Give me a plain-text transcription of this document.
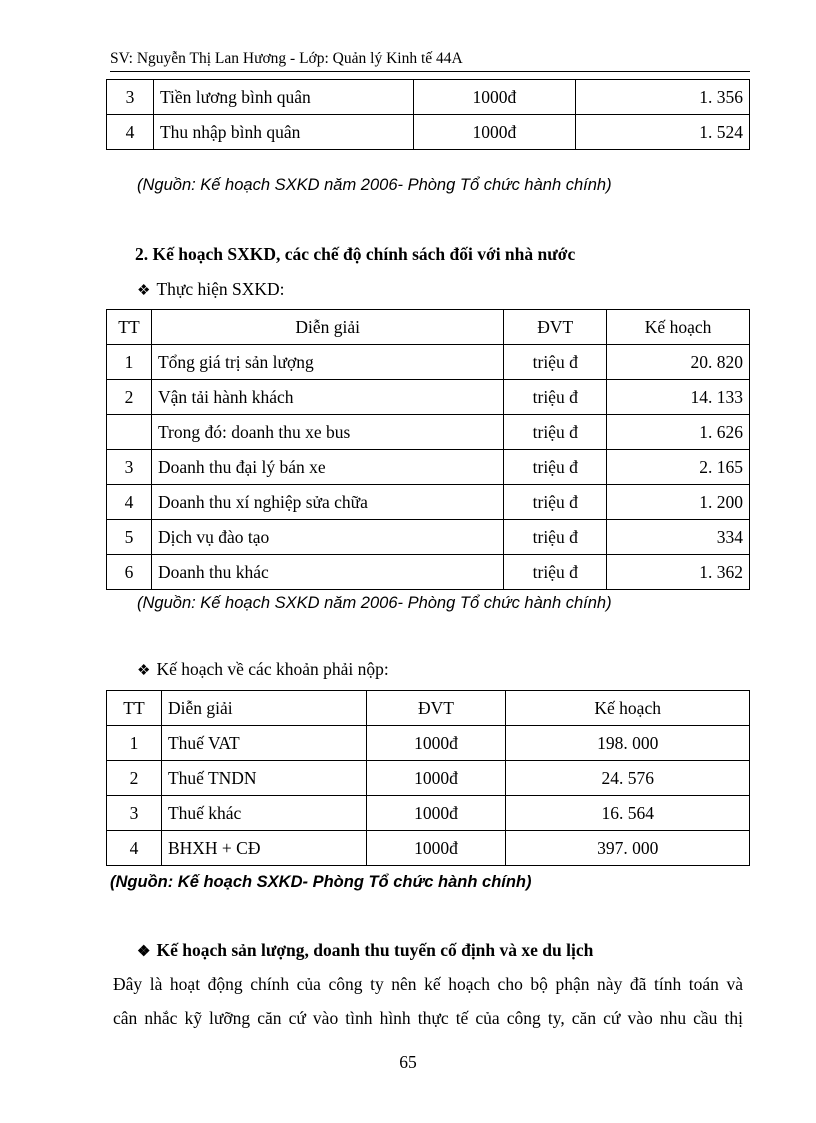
SV: Nguyễn Thị Lan Hương - Lớp: Quản lý Kinh tế 44A
3	Tiền lương bình quân	1000đ	1. 356
4	Thu nhập bình quân	1000đ	1. 524
(Nguồn: Kế hoạch SXKD năm 2006- Phòng Tổ chức hành chính)
2. Kế hoạch SXKD, các chế độ chính sách đối với nhà nước
❖ Thực hiện SXKD:
TT	Diễn giải	ĐVT	Kế hoạch
1	Tổng giá trị sản lượng	triệu đ	20. 820
2	Vận tải hành khách	triệu đ	14. 133
	Trong đó: doanh thu xe bus	triệu đ	1. 626
3	Doanh thu đại lý bán xe	triệu đ	2. 165
4	Doanh thu xí nghiệp sửa chữa	triệu đ	1. 200
5	Dịch vụ đào tạo	triệu đ	334
6	Doanh thu khác	triệu đ	1. 362
(Nguồn: Kế hoạch SXKD năm 2006- Phòng Tổ chức hành chính)
❖ Kế hoạch về các khoản phải nộp:
TT	Diễn giải	ĐVT	Kế hoạch
1	Thuế VAT	1000đ	198. 000
2	Thuế TNDN	1000đ	24. 576
3	Thuế khác	1000đ	16. 564
4	BHXH + CĐ	1000đ	397. 000
(Nguồn: Kế hoạch SXKD- Phòng Tổ chức hành chính)
❖ Kế hoạch sản lượng, doanh thu tuyến cố định và xe du lịch
Đây là hoạt động chính của công ty nên kế hoạch cho bộ phận này đã tính toán và
cân nhắc kỹ lưỡng căn cứ vào tình hình thực tế của công ty, căn cứ vào nhu cầu thị
65
